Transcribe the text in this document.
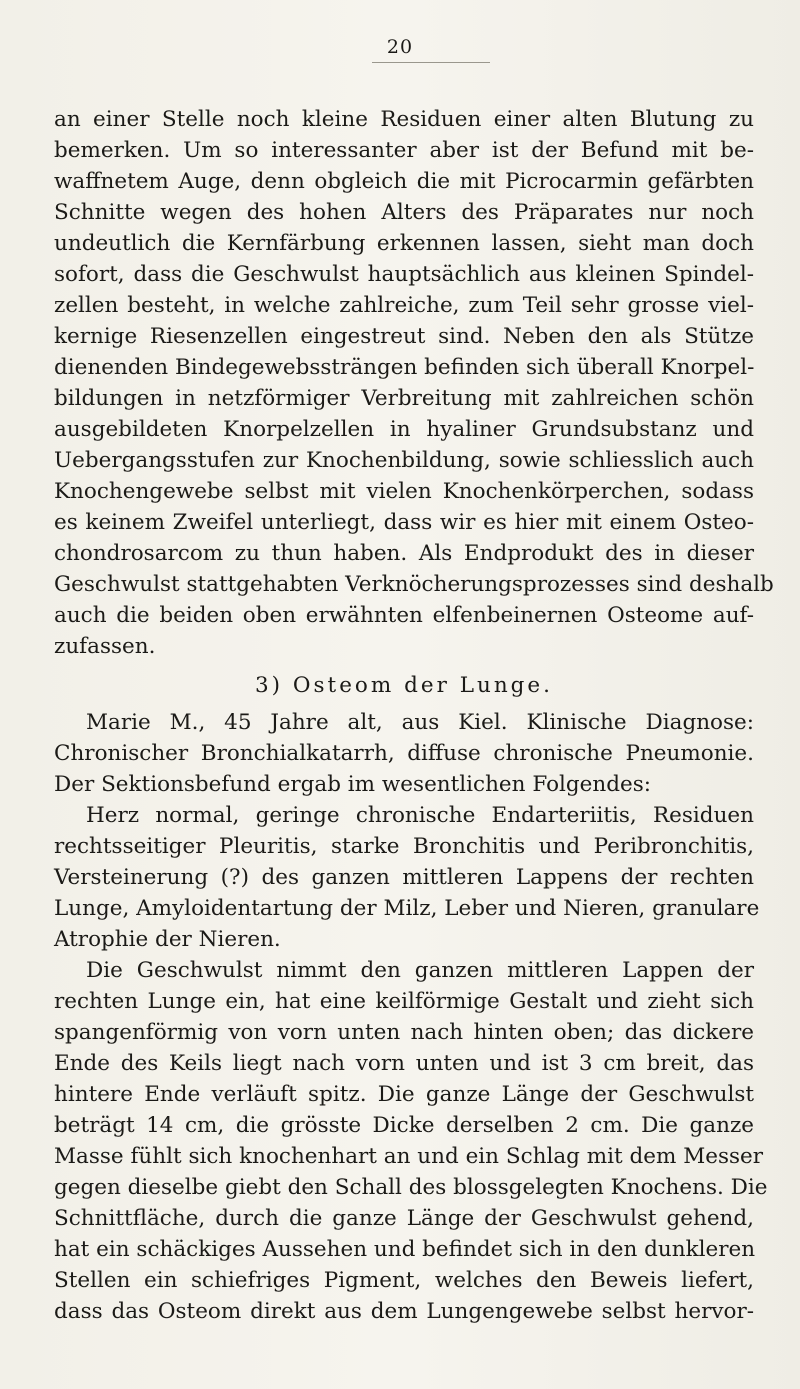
20
an einer Stelle noch kleine Residuen einer alten Blutung zu
bemerken. Um so interessanter aber ist der Befund mit be-
waffnetem Auge, denn obgleich die mit Picrocarmin gefärbten
Schnitte wegen des hohen Alters des Präparates nur noch
undeutlich die Kernfärbung erkennen lassen, sieht man doch
sofort, dass die Geschwulst hauptsächlich aus kleinen Spindel-
zellen besteht, in welche zahlreiche, zum Teil sehr grosse viel-
kernige Riesenzellen eingestreut sind. Neben den als Stütze
dienenden Bindegewebssträngen befinden sich überall Knorpel-
bildungen in netzförmiger Verbreitung mit zahlreichen schön
ausgebildeten Knorpelzellen in hyaliner Grundsubstanz und
Uebergangsstufen zur Knochenbildung, sowie schliesslich auch
Knochengewebe selbst mit vielen Knochenkörperchen, sodass
es keinem Zweifel unterliegt, dass wir es hier mit einem Osteo-
chondrosarcom zu thun haben. Als Endprodukt des in dieser
Geschwulst stattgehabten Verknöcherungsprozesses sind deshalb
auch die beiden oben erwähnten elfenbeinernen Osteome auf-
zufassen.
3) Osteom der Lunge.
Marie M., 45 Jahre alt, aus Kiel. Klinische Diagnose:
Chronischer Bronchialkatarrh, diffuse chronische Pneumonie.
Der Sektionsbefund ergab im wesentlichen Folgendes:
Herz normal, geringe chronische Endarteriitis, Residuen
rechtsseitiger Pleuritis, starke Bronchitis und Peribronchitis,
Versteinerung (?) des ganzen mittleren Lappens der rechten
Lunge, Amyloidentartung der Milz, Leber und Nieren, granulare
Atrophie der Nieren.
Die Geschwulst nimmt den ganzen mittleren Lappen der
rechten Lunge ein, hat eine keilförmige Gestalt und zieht sich
spangenförmig von vorn unten nach hinten oben; das dickere
Ende des Keils liegt nach vorn unten und ist 3 cm breit, das
hintere Ende verläuft spitz. Die ganze Länge der Geschwulst
beträgt 14 cm, die grösste Dicke derselben 2 cm. Die ganze
Masse fühlt sich knochenhart an und ein Schlag mit dem Messer
gegen dieselbe giebt den Schall des blossgelegten Knochens. Die
Schnittfläche, durch die ganze Länge der Geschwulst gehend,
hat ein schäckiges Aussehen und befindet sich in den dunkleren
Stellen ein schiefriges Pigment, welches den Beweis liefert,
dass das Osteom direkt aus dem Lungengewebe selbst hervor-
